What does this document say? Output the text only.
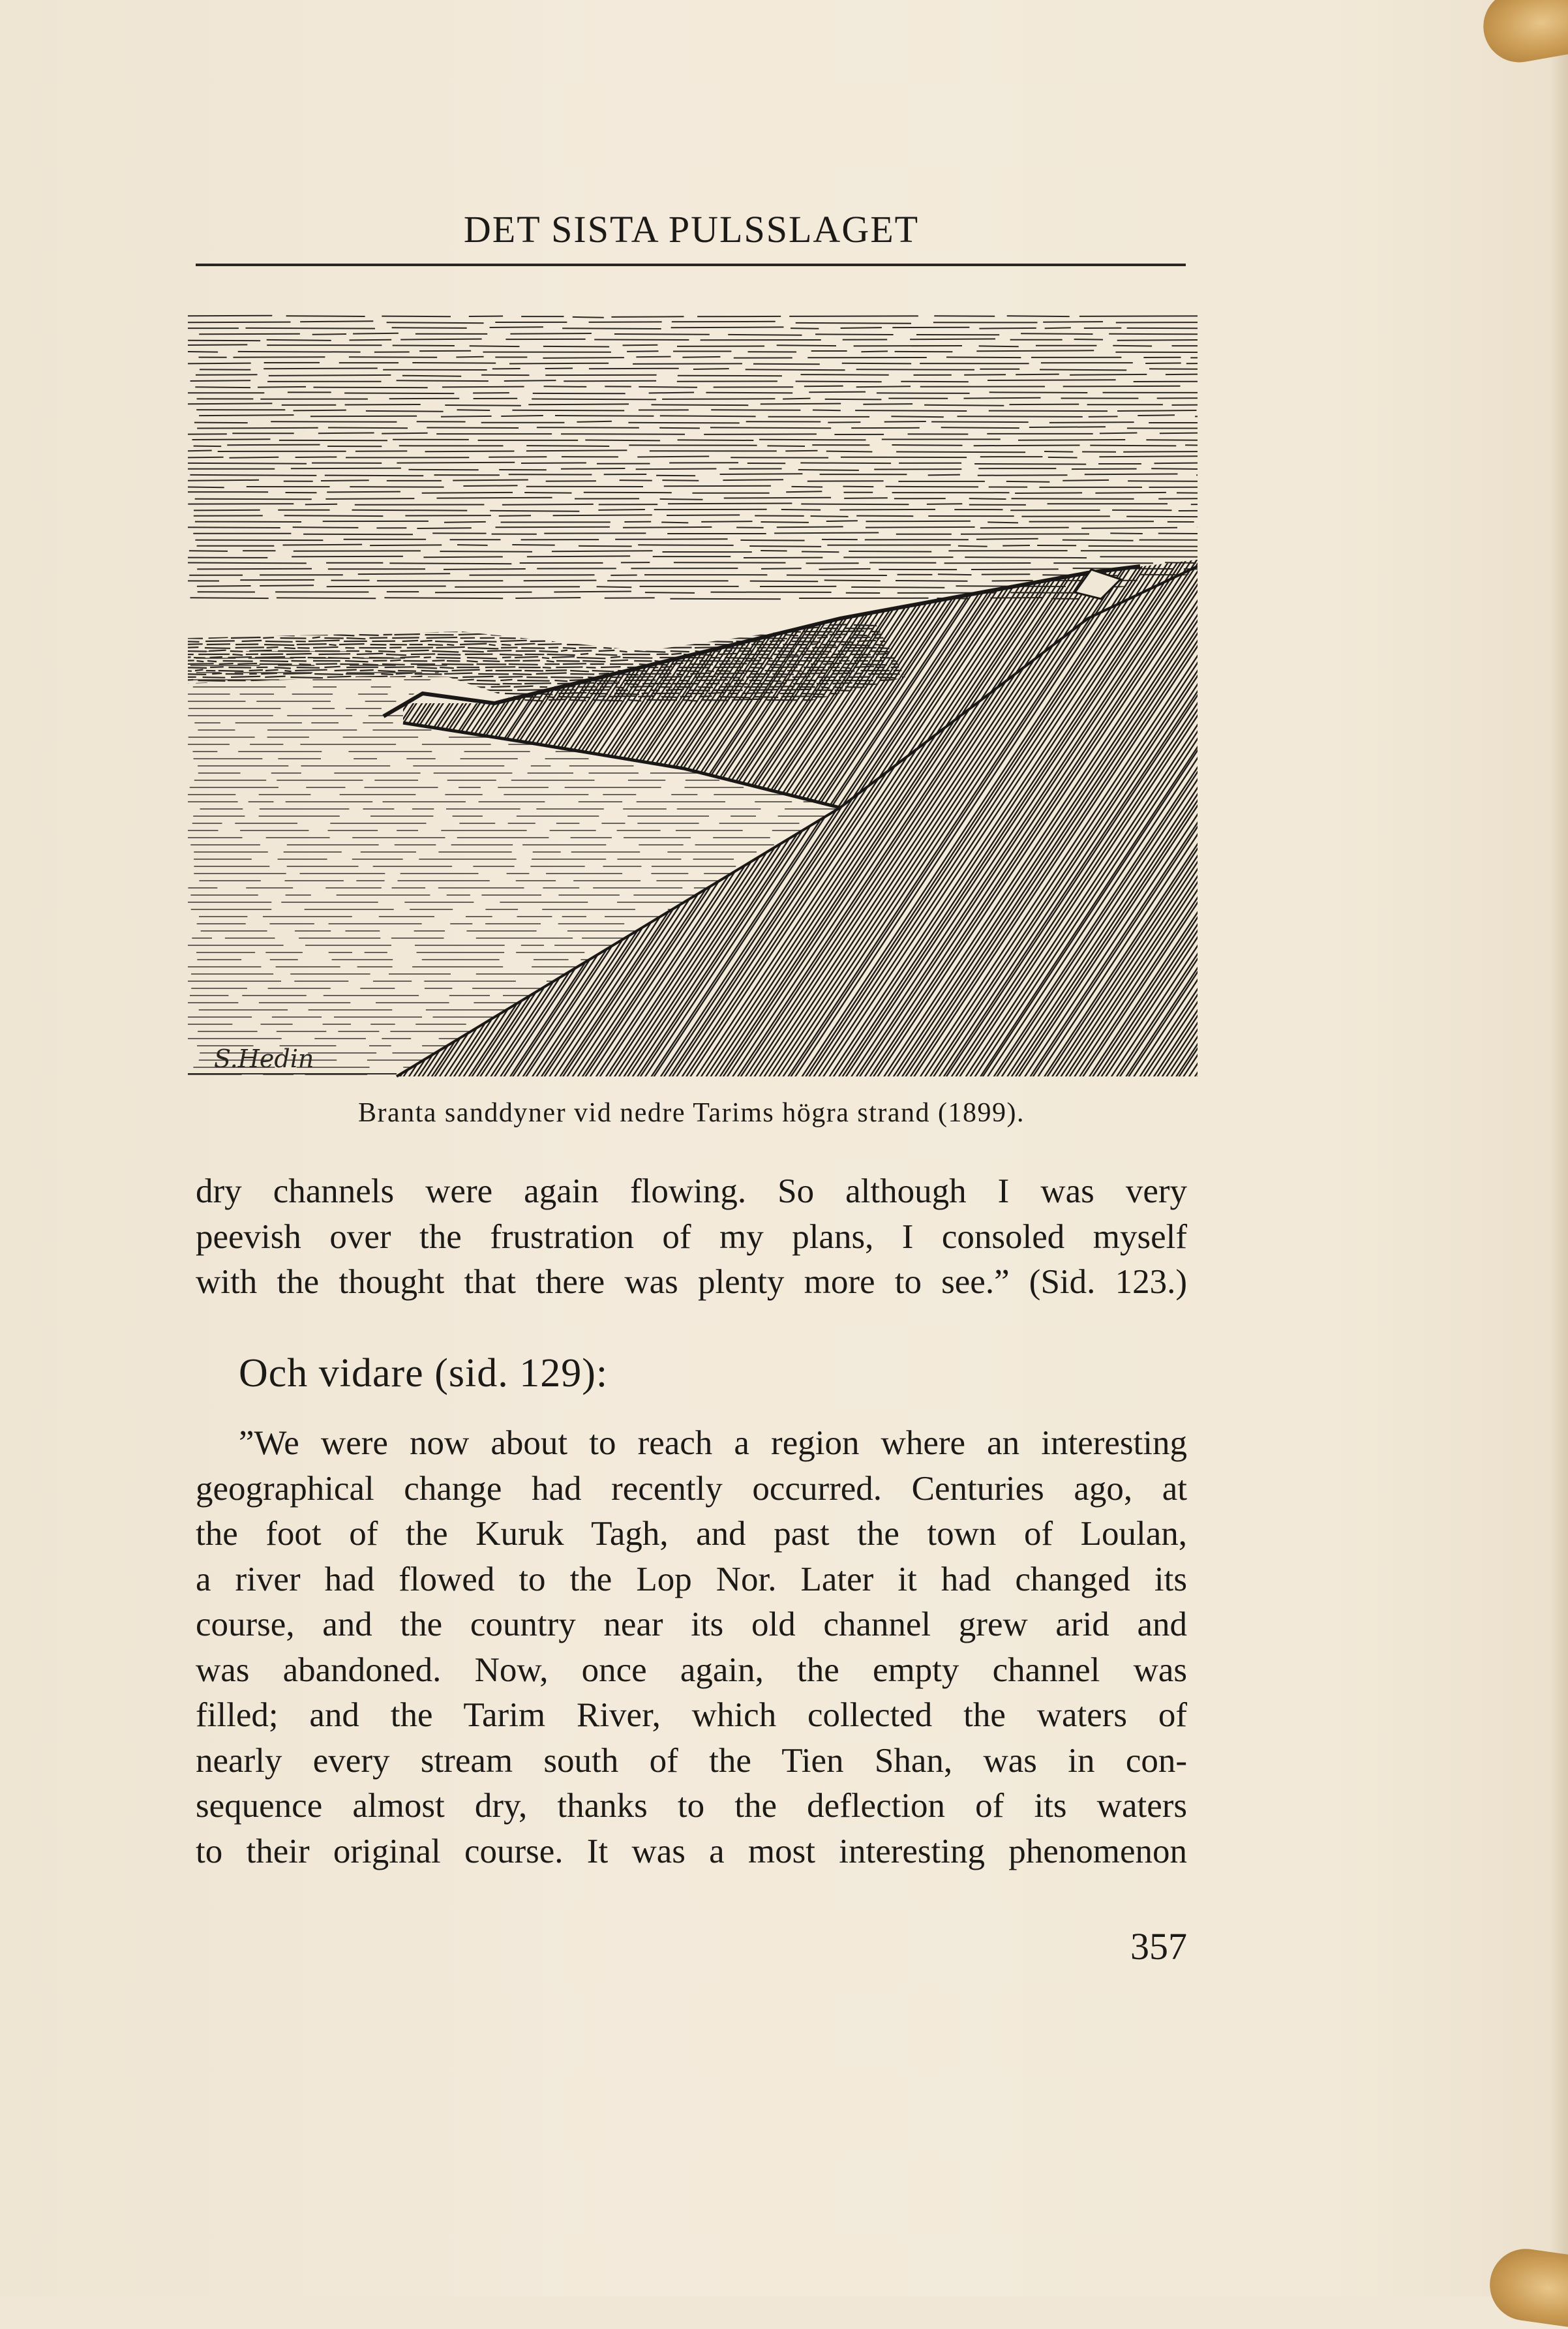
DET SISTA PULSSLAGET
S.Hedin
Branta sanddyner vid nedre Tarims högra strand (1899).
dry channels were again flowing. So although I was very
peevish over the frustration of my plans, I consoled myself
with the thought that there was plenty more to see.” (Sid. 123.)
Och vidare (sid. 129):
”We were now about to reach a region where an interesting
geographical change had recently occurred. Centuries ago, at
the foot of the Kuruk Tagh, and past the town of Loulan,
a river had flowed to the Lop Nor. Later it had changed its
course, and the country near its old channel grew arid and
was abandoned. Now, once again, the empty channel was
filled; and the Tarim River, which collected the waters of
nearly every stream south of the Tien Shan, was in con-
sequence almost dry, thanks to the deflection of its waters
to their original course. It was a most interesting phenomenon
357
